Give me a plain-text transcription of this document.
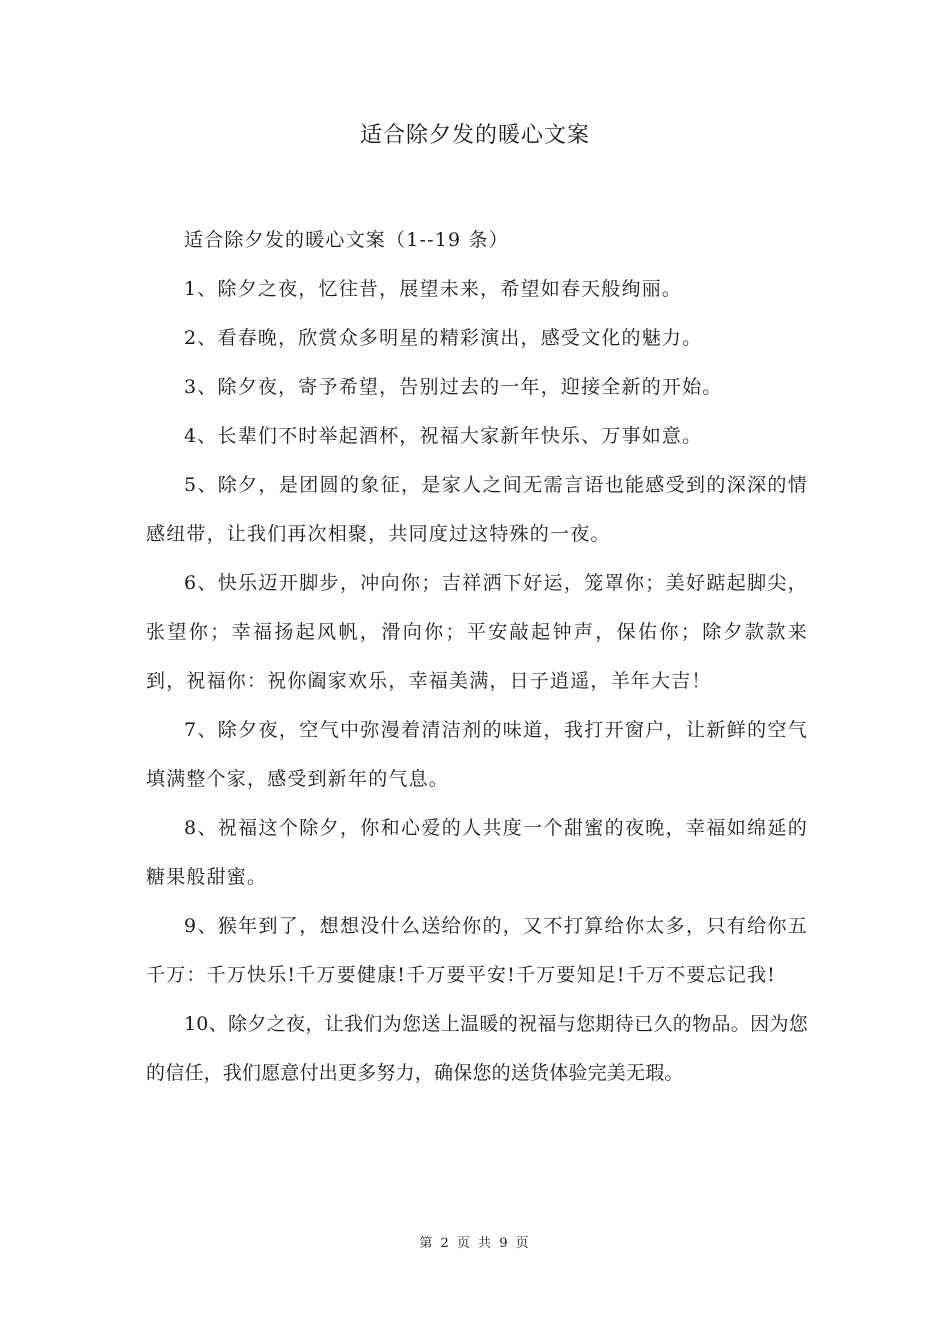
适合除夕发的暖心文案

适合除夕发的暖心文案（1--19 条）

1、除夕之夜，忆往昔，展望未来，希望如春天般绚丽。

2、看春晚，欣赏众多明星的精彩演出，感受文化的魅力。

3、除夕夜，寄予希望，告别过去的一年，迎接全新的开始。

4、长辈们不时举起酒杯，祝福大家新年快乐、万事如意。

5、除夕，是团圆的象征，是家人之间无需言语也能感受到的深深的情感纽带，让我们再次相聚，共同度过这特殊的一夜。

6、快乐迈开脚步，冲向你；吉祥洒下好运，笼罩你；美好踮起脚尖，张望你；幸福扬起风帆，滑向你；平安敲起钟声，保佑你；除夕款款来到，祝福你：祝你阖家欢乐，幸福美满，日子逍遥，羊年大吉！

7、除夕夜，空气中弥漫着清洁剂的味道，我打开窗户，让新鲜的空气填满整个家，感受到新年的气息。

8、祝福这个除夕，你和心爱的人共度一个甜蜜的夜晚，幸福如绵延的糖果般甜蜜。

9、猴年到了，想想没什么送给你的，又不打算给你太多，只有给你五千万：千万快乐!千万要健康!千万要平安!千万要知足!千万不要忘记我!

10、除夕之夜，让我们为您送上温暖的祝福与您期待已久的物品。因为您的信任，我们愿意付出更多努力，确保您的送货体验完美无瑕。

第 2 页 共 9 页
